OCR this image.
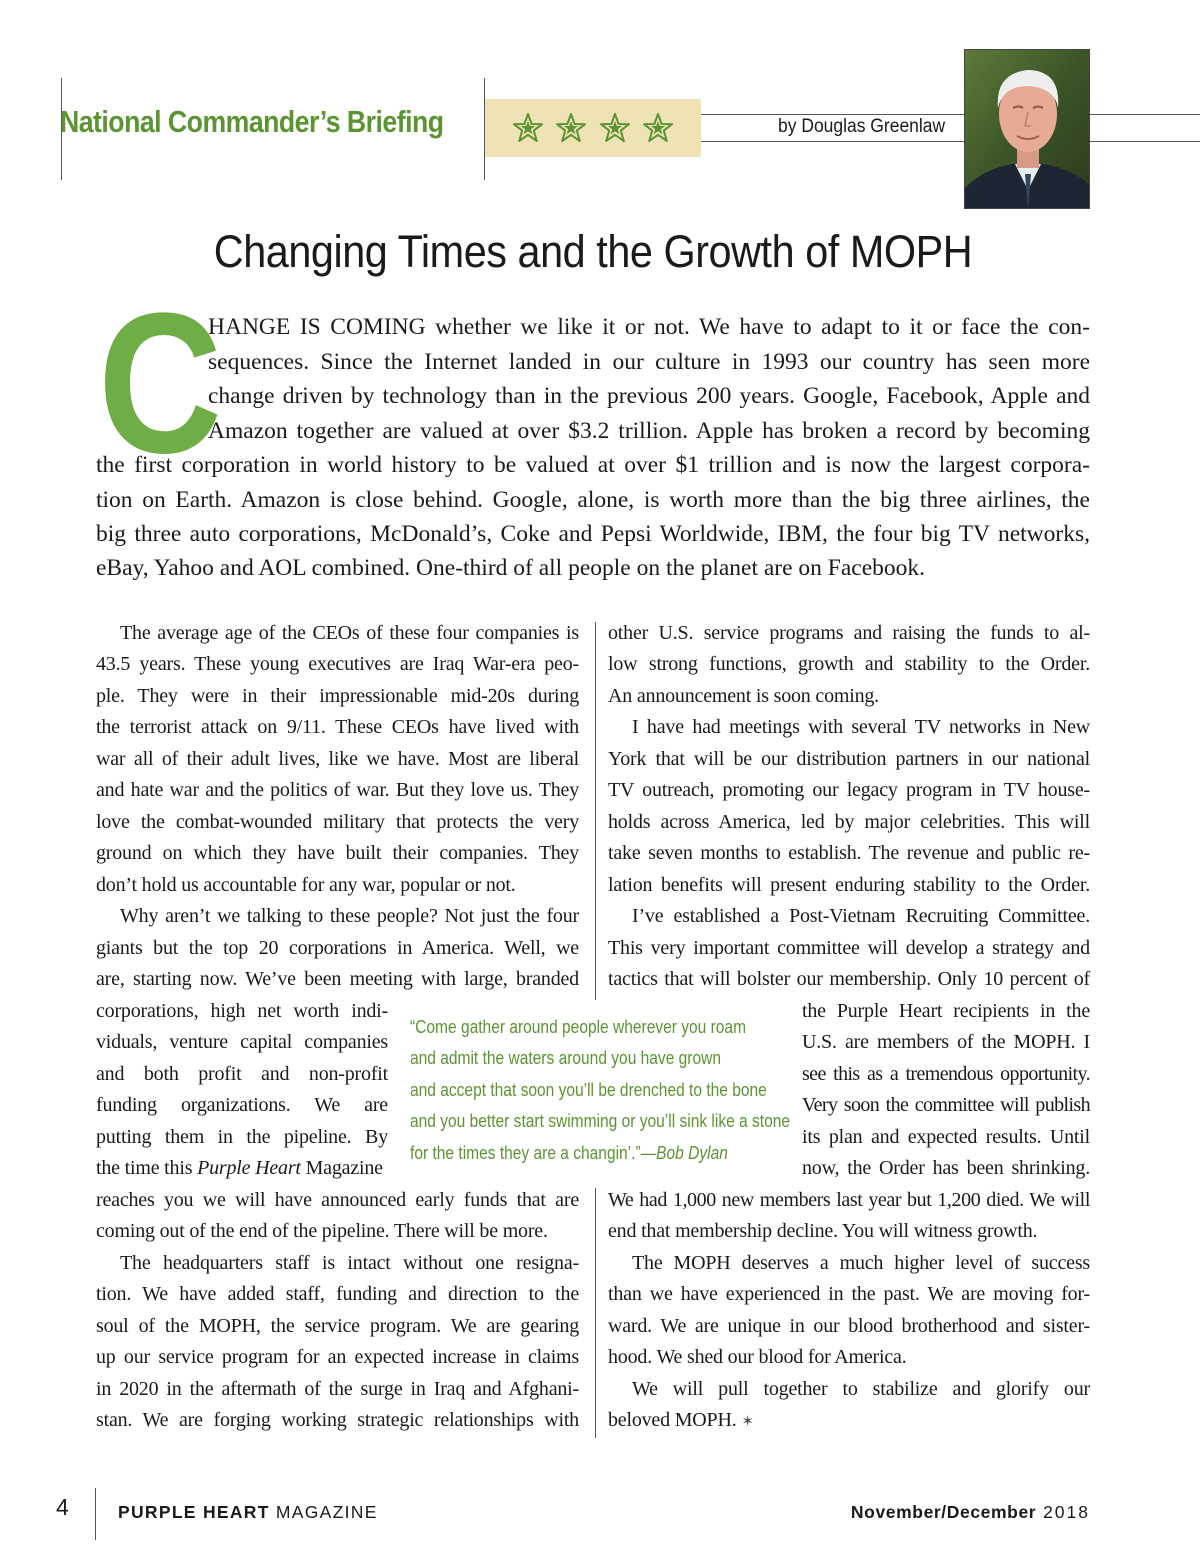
National Commander’s Briefing	by Douglas Greenlaw
Changing Times and the Growth of MOPH
C
HANGE IS COMING whether we like it or not. We have to adapt to it or face the con-
sequences. Since the Internet landed in our culture in 1993 our country has seen more
change driven by technology than in the previous 200 years. Google, Facebook, Apple and
Amazon together are valued at over $3.2 trillion. Apple has broken a record by becoming
the first corporation in world history to be valued at over $1 trillion and is now the largest corpora-
tion on Earth. Amazon is close behind. Google, alone, is worth more than the big three airlines, the
big three auto corporations, McDonald’s, Coke and Pepsi Worldwide, IBM, the four big TV networks,
eBay, Yahoo and AOL combined. One-third of all people on the planet are on Facebook.
The average age of the CEOs of these four companies is
43.5 years. These young executives are Iraq War-era peo-
ple. They were in their impressionable mid-20s during
the terrorist attack on 9/11. These CEOs have lived with
war all of their adult lives, like we have. Most are liberal
and hate war and the politics of war. But they love us. They
love the combat-wounded military that protects the very
ground on which they have built their companies. They
don’t hold us accountable for any war, popular or not.
Why aren’t we talking to these people? Not just the four
giants but the top 20 corporations in America. Well, we
are, starting now. We’ve been meeting with large, branded
corporations, high net worth indi-
viduals, venture capital companies
and both profit and non-profit
funding organizations. We are
putting them in the pipeline. By
the time this Purple Heart Magazine
reaches you we will have announced early funds that are
coming out of the end of the pipeline. There will be more.
The headquarters staff is intact without one resigna-
tion. We have added staff, funding and direction to the
soul of the MOPH, the service program. We are gearing
up our service program for an expected increase in claims
in 2020 in the aftermath of the surge in Iraq and Afghani-
stan. We are forging working strategic relationships with
other U.S. service programs and raising the funds to al-
low strong functions, growth and stability to the Order.
An announcement is soon coming.
I have had meetings with several TV networks in New
York that will be our distribution partners in our national
TV outreach, promoting our legacy program in TV house-
holds across America, led by major celebrities. This will
take seven months to establish. The revenue and public re-
lation benefits will present enduring stability to the Order.
I’ve established a Post-Vietnam Recruiting Committee.
This very important committee will develop a strategy and
tactics that will bolster our membership. Only 10 percent of
the Purple Heart recipients in the
U.S. are members of the MOPH. I
see this as a tremendous opportunity.
Very soon the committee will publish
its plan and expected results. Until
now, the Order has been shrinking.
We had 1,000 new members last year but 1,200 died. We will
end that membership decline. You will witness growth.
The MOPH deserves a much higher level of success
than we have experienced in the past. We are moving for-
ward. We are unique in our blood brotherhood and sister-
hood. We shed our blood for America.
We will pull together to stabilize and glorify our
beloved MOPH. ✶
“Come gather around people wherever you roam
and admit the waters around you have grown
and accept that soon you’ll be drenched to the bone
and you better start swimming or you’ll sink like a stone
for the times they are a changin’.”—Bob Dylan
4	PURPLE HEART MAGAZINE	November/December 2018
